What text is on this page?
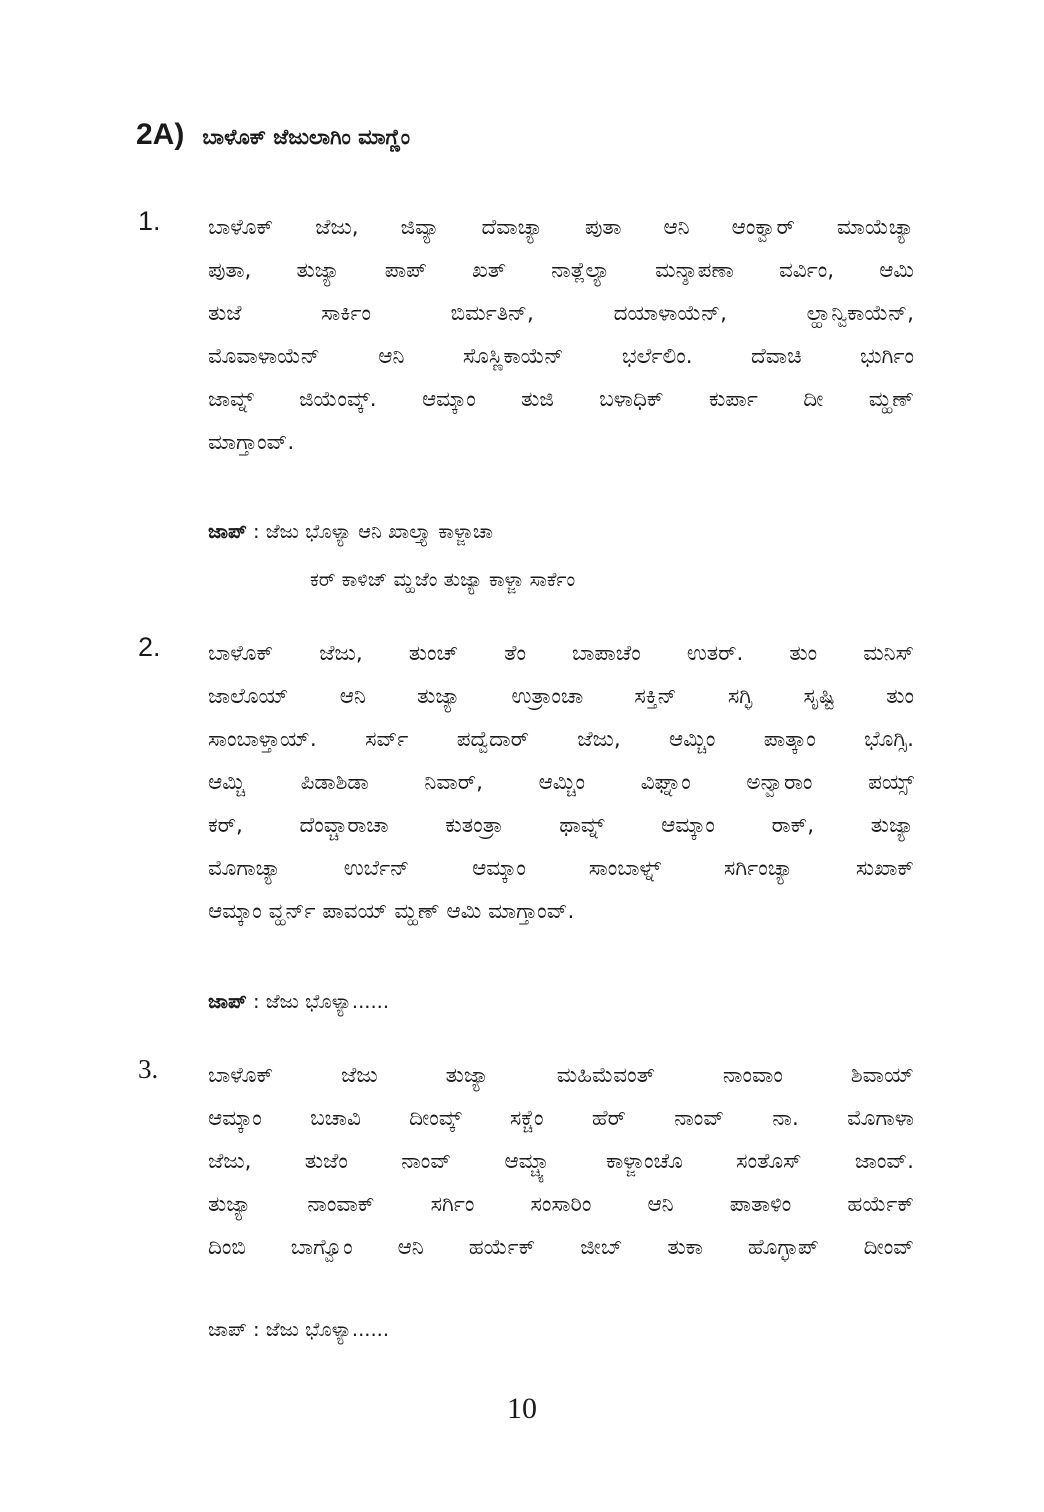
2A) ಬಾಳೊಕ್ ಜೆಜುಲಾಗಿಂ ಮಾಗ್ಣೆಂ
1. ಬಾಳೊಕ್ ಜೆಜು, ಜಿವ್ಯಾ ದೆವಾಚ್ಯಾ ಪುತಾ ಆನಿ ಆಂಕ್ವಾರ್ ಮಾಯೆಚ್ಯಾ
ಪುತಾ, ತುಜ್ಯಾ ಪಾಪ್ ಖತ್ ನಾತ್ಲೆಲ್ಯಾ ಮನ್ಶಾಪಣಾ ವರ್ವಿಂ, ಆಮಿ
ತುಜೆ ಸಾರ್ಕಿಂ ಬಿರ್ಮತಿನ್, ದಯಾಳಾಯೆನ್, ಲ್ಹಾನ್ವಿಕಾಯೆನ್,
ಮೊವಾಳಾಯೆನ್ ಆನಿ ಸೊಸ್ಣಿಕಾಯೆನ್ ಭರ್ಲೆಲಿಂ. ದೆವಾಚಿ ಭುರ್ಗಿಂ
ಜಾವ್ನ್ ಜಿಯೆಂವ್ಕ್. ಆಮ್ಕಾಂ ತುಜಿ ಬಳಾಧಿಕ್ ಕುರ್ಪಾ ದೀ ಮ್ಹಣ್
ಮಾಗ್ತಾಂವ್.
ಜಾಪ್ : ಜೆಜು ಭೊಳ್ಯಾ ಆನಿ ಖಾಲ್ತ್ಯಾ ಕಾಳ್ಜಾಚಾ
ಕರ್ ಕಾಳಿಜ್ ಮ್ಹಜೆಂ ತುಜ್ಯಾ ಕಾಳ್ಜಾ ಸಾರ್ಕೆಂ
2. ಬಾಳೊಕ್ ಜೆಜು, ತುಂಚ್ ತೆಂ ಬಾಪಾಚೆಂ ಉತರ್. ತುಂ ಮನಿಸ್
ಜಾಲೊಯ್ ಆನಿ ತುಜ್ಯಾ ಉತ್ರಾಂಚಾ ಸಕ್ತಿನ್ ಸಗ್ಳಿ ಸೃಷ್ಟಿ ತುಂ
ಸಾಂಬಾಳ್ತಾಯ್. ಸರ್ವ್ ಪದ್ವೆದಾರ್ ಜೆಜು, ಆಮ್ಚಿಂ ಪಾತ್ಕಾಂ ಭೊಗ್ಸಿ.
ಆಮ್ಚಿ ಪಿಡಾಶಿಡಾ ನಿವಾರ್, ಆಮ್ಚಿಂ ವಿಘ್ನಾಂ ಅನ್ವಾರಾಂ ಪಯ್ಸ್
ಕರ್, ದೆಂವ್ಚಾರಾಚಾ ಕುತಂತ್ರಾ ಥಾವ್ನ್ ಆಮ್ಕಾಂ ರಾಕ್, ತುಜ್ಯಾ
ಮೊಗಾಚ್ಯಾ ಉರ್ಬೆನ್ ಆಮ್ಕಾಂ ಸಾಂಬಾಳ್ನ್ ಸರ್ಗಿಂಚ್ಯಾ ಸುಖಾಕ್
ಆಮ್ಕಾಂ ವ್ಹರ್ನ್ ಪಾವಯ್ ಮ್ಹಣ್ ಆಮಿ ಮಾಗ್ತಾಂವ್.
ಜಾಪ್ : ಜೆಜು ಭೊಳ್ಯಾ......
3. ಬಾಳೊಕ್ ಜೆಜು ತುಜ್ಯಾ ಮಹಿಮೆವಂತ್ ನಾಂವಾಂ ಶಿವಾಯ್
ಆಮ್ಕಾಂ ಬಚಾವಿ ದೀಂವ್ಕ್ ಸಕ್ಚೆಂ ಹೆರ್ ನಾಂವ್ ನಾ. ಮೊಗಾಳಾ
ಜೆಜು, ತುಜೆಂ ನಾಂವ್ ಆಮ್ಚ್ಯಾ ಕಾಳ್ಜಾಂಚೊ ಸಂತೊಸ್ ಜಾಂವ್.
ತುಜ್ಯಾ ನಾಂವಾಕ್ ಸರ್ಗಿಂ ಸಂಸಾರಿಂ ಆನಿ ಪಾತಾಳಿಂ ಹರ್ಯೆಕ್
ದಿಂಬಿ ಬಾಗ್ವೊಂ ಆನಿ ಹರ್ಯೆಕ್ ಜೀಬ್ ತುಕಾ ಹೊಗ್ಳಾಪ್ ದೀಂವ್
ಜಾಪ್ : ಜೆಜು ಭೊಳ್ಯಾ......
10
